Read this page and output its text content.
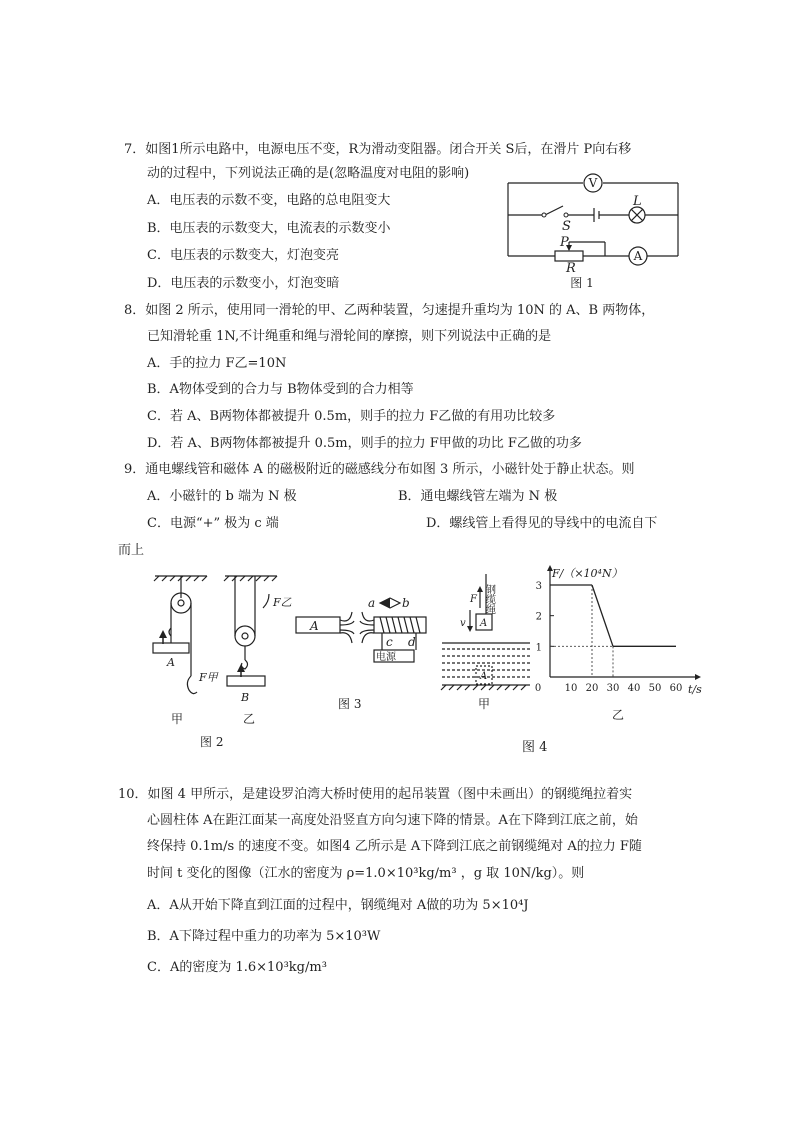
7．如图1所示电路中，电源电压不变，R为滑动变阻器。闭合开关 S后，在滑片 P向右移
动的过程中，下列说法正确的是(忽略温度对电阻的影响)
A．电压表的示数不变，电路的总电阻变大
B．电压表的示数变大，电流表的示数变小
C．电压表的示数变大，灯泡变亮
D．电压表的示数变小，灯泡变暗
V
L
A
S
P
R
图 1
8．如图 2 所示，使用同一滑轮的甲、乙两种装置，匀速提升重均为 10N 的 A、B 两物体，
已知滑轮重 1N,不计绳重和绳与滑轮间的摩擦，则下列说法中正确的是
A．手的拉力 F乙=10N
B．A物体受到的合力与 B物体受到的合力相等
C．若 A、B两物体都被提升 0.5m，则手的拉力 F乙做的有用功比较多
D．若 A、B两物体都被提升 0.5m，则手的拉力 F甲做的功比 F乙做的功多
9．通电螺线管和磁体 A 的磁极附近的磁感线分布如图 3 所示，小磁针处于静止状态。则
A．小磁针的 b 端为 N 极	B．通电螺线管左端为 N 极
C．电源“+” 极为 c 端	D．螺线管上看得见的导线中的电流自下
而上
A
B
F甲
F乙
甲	乙
图 2
A
a b
c d
电源
图 3
钢缆绳
F
v A
A
甲
F/（×10⁴N）
t/s
0 10 20 30 40 50 60
1
2
3
乙
图 4
10．如图 4 甲所示，是建设罗泊湾大桥时使用的起吊装置（图中未画出）的钢缆绳拉着实
心圆柱体 A在距江面某一高度处沿竖直方向匀速下降的情景。A在下降到江底之前，始
终保持 0.1m/s 的速度不变。如图4 乙所示是 A下降到江底之前钢缆绳对 A的拉力 F随
时间 t 变化的图像（江水的密度为 ρ=1.0×10³kg/m³ ，g 取 10N/kg）。则
A．A从开始下降直到江面的过程中，钢缆绳对 A做的功为 5×10⁴J
B．A下降过程中重力的功率为 5×10³W
C．A的密度为 1.6×10³kg/m³
